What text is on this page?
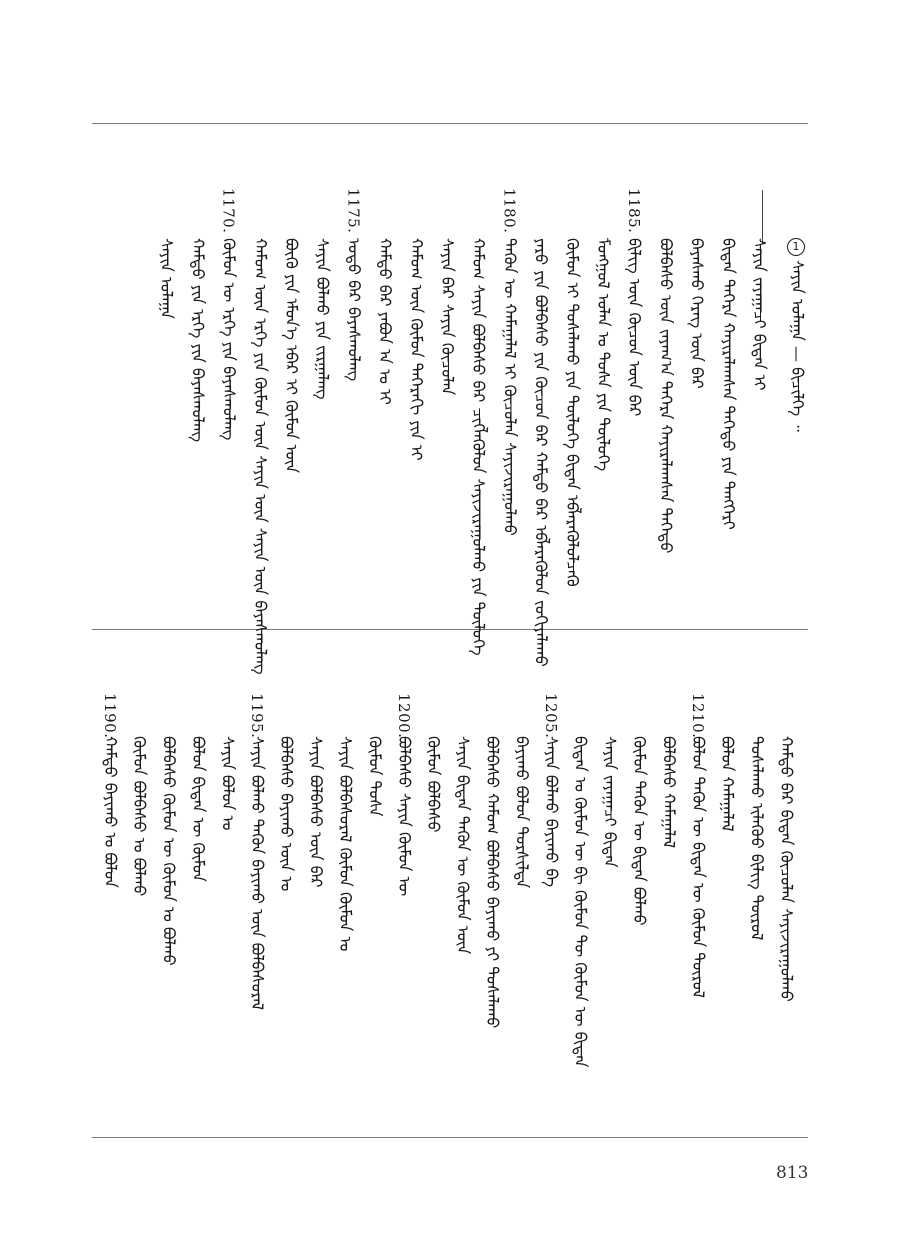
ᠰᠠᠶᠢᠨ ᠵᠠᠶᠠᠭᠠᠴᠢ ᠪᠢᠳᠡᠨ ᠢ
ᠪᠢᠳᠡᠨ ᠳᠡᠭᠡᠷᠡ ᠬᠠᠶᠢᠷᠠᠯᠠᠭᠰᠠᠨ ᠳᠡᠭᠡᠳᠦ ᠶᠢᠨ ᠲᠡᠩᠭᠡᠷᠢ
ᠪᠠᠶᠠᠰᠬᠤ ᠬᠡᠷᠡᠭ ᠦᠨ ᠪᠠᠷ
ᠪᠣᠯᠪᠠᠰᠤ ᠦᠨ ᠵᠠᠶᠠᠭ᠎ᠠ ᠳᠡᠭᠡᠷᠡ ᠬᠠᠶᠢᠷᠠᠯᠠᠭᠰᠠᠨ ᠳᠡᠭᠡᠳᠦ
1185.
ᠪᠢᠯᠢᠭ ᠦᠨ ᠬᠦᠴᠦᠨ ᠦᠨ ᠪᠠᠷ
ᠮᠣᠩᠭᠣᠯ ᠣᠯᠠᠨ ᠤ ᠲᠤᠰᠠ ᠶᠢᠨ ᠲᠥᠯᠥᠭᠡ
ᠬᠦᠮᠦᠨ ᠢ ᠲᠤᠰᠠᠯᠠᠬᠤ ᠶᠢᠨ ᠲᠥᠯᠥᠭᠡ ᠪᠢᠳᠡᠨ ᠡᠪᠯᠡᠷᠡᠭᠦᠯᠦᠯᠴᠡᠬᠦ
ᠶᠡᠷᠦ ᠶᠢᠨ ᠪᠣᠯᠪᠠᠰᠤ ᠶᠢᠨ ᠬᠦᠴᠦᠨ ᠪᠠᠷ ᠬᠠᠮᠲᠤ ᠪᠠᠷ ᠡᠪᠯᠡᠷᠡᠭᠦᠯᠦᠨ ᠵᠣᠬᠢᠶᠠᠯᠠᠬᠤ
1180.
ᠲᠡᠭᠦᠨ ᠦ ᠬᠠᠮᠠᠭᠠᠯᠠᠯ ᠢ ᠬᠦᠴᠦᠯᠡᠨ ᠰᠠᠶᠢᠵᠢᠷᠠᠭᠤᠯᠬᠤ
ᠬᠠᠮᠤᠭ ᠰᠠᠶᠢᠨ ᠪᠣᠯᠪᠠᠰᠤ ᠪᠡᠷ ᠴᠢᠭᠯᠡᠭᠦᠯᠦᠨ ᠰᠠᠶᠢᠵᠢᠷᠠᠭᠤᠯᠬᠤ ᠶᠢᠨ ᠲᠥᠯᠥᠭᠡ
ᠰᠠᠶᠢᠨ ᠪᠡᠷ ᠰᠠᠶᠢᠨ ᠬᠦᠴᠦᠯᠡᠨ
ᠬᠠᠮᠤᠭ ᠦᠨ ᠬᠦᠮᠦᠨ ᠳᠡᠭᠡᠷᠡᠬᠢ ᠶᠢᠨ ᠢ
ᠬᠠᠮᠲᠤ ᠪᠠᠷ ᠶᠠᠪᠤᠨ ᠠ ᠤ ᠢ
1175.
ᠣᠳᠣ ᠪᠠᠷ ᠪᠠᠶᠠᠰᠬᠤᠯᠠᠩ
ᠰᠠᠶᠢᠨ ᠪᠣᠯᠬᠤ ᠶᠢᠨ ᠵᠢᠷᠭᠠᠯᠠᠩ
ᠪᠦᠬᠦ ᠶᠢᠨ ᠡᠮᠦᠨ᠎ᠡ ᠡᠪᠡᠷ ᠢ ᠬᠦᠮᠦᠨ ᠦᠨ
ᠬᠠᠮᠤᠭ ᠦᠨ ᠡᠷᠬᠡ ᠶᠢᠨ ᠬᠦᠮᠦᠨ ᠦᠨ ᠰᠠᠶᠢᠨ ᠦᠨ ᠰᠠᠶᠢᠨ ᠦᠨ ᠪᠠᠶᠠᠰᠬᠤᠯᠠᠩ
1170.
ᠬᠦᠮᠦᠨ ᠦ ᠡᠷᠬᠡ ᠶᠢᠨ ᠪᠠᠶᠠᠰᠬᠤᠯᠠᠩ
ᠬᠠᠮᠲᠤ ᠶᠢᠨ ᠡᠷᠬᠡ ᠶᠢᠨ ᠪᠠᠶᠠᠰᠬᠤᠯᠠᠩ
ᠰᠠᠶᠢᠨ ᠤᠯᠠᠭᠠ
ᠬᠠᠮᠲᠤ ᠪᠠᠷ ᠪᠢᠳᠡᠨ ᠬᠦᠴᠦᠯᠡᠨ ᠰᠠᠶᠢᠵᠢᠷᠠᠭᠤᠯᠬᠤ
ᠲᠤᠰᠠᠯᠠᠬᠤ ᠢᠯᠡᠭᠦᠦ ᠪᠢᠯᠢᠭ ᠲᠦᠷᠦᠯ
ᠪᠣᠯᠤᠨ ᠬᠠᠮᠠᠭᠠᠯᠠᠯ
1210.
ᠪᠣᠯᠤᠨ ᠲᠡᠭᠦᠨ ᠦ ᠪᠢᠳᠡᠨ ᠦ ᠬᠦᠮᠦᠨ ᠲᠦᠷᠦᠯ
ᠪᠣᠯᠪᠠᠰᠤ ᠬᠠᠮᠠᠭᠠᠯᠠᠯ
ᠬᠦᠮᠦᠨ ᠲᠡᠭᠦᠨ ᠦ ᠪᠢᠳᠡᠨ ᠪᠣᠯᠬᠤ
ᠰᠠᠶᠢᠨ ᠵᠠᠶᠠᠭᠠᠴᠢ ᠪᠢᠳᠡᠨ
ᠪᠢᠳᠡᠨ ᠤ ᠬᠦᠮᠦᠨ ᠦ ᠪᠢ ᠬᠦᠮᠦᠨ ᠲᠦ ᠬᠦᠮᠦᠨ ᠦ ᠪᠢᠳᠡᠨ
1205.
ᠰᠠᠶᠢᠨ ᠪᠣᠯᠬᠤ ᠪᠠᠶᠢᠬᠤ ᠪᠠ
ᠪᠠᠶᠢᠬᠤ ᠪᠣᠯᠤᠨ ᠲᠤᠷᠰᠢᠯᠲᠠ
ᠪᠣᠯᠪᠠᠰᠤ ᠬᠠᠮᠤᠭ ᠪᠣᠯᠪᠠᠰᠤ ᠪᠠᠶᠢᠬᠤ ᠶᠢ ᠲᠤᠰᠠᠯᠠᠬᠤ
ᠰᠠᠶᠢᠨ ᠪᠢᠳᠡᠨ ᠲᠡᠭᠦᠨ ᠦ ᠬᠦᠮᠦᠨ ᠦᠨ
ᠬᠦᠮᠦᠨ ᠪᠣᠯᠪᠠᠰᠤ
1200.
ᠪᠣᠯᠪᠠᠰᠤ ᠰᠠᠶᠢᠨ ᠬᠦᠮᠦᠨ ᠦ
ᠬᠦᠮᠦᠨ ᠲᠤᠰᠠ
ᠰᠠᠶᠢᠨ ᠪᠣᠯᠪᠠᠰᠤᠷᠠᠯ ᠬᠦᠮᠦᠨ ᠬᠦᠮᠦᠨ ᠤ
ᠰᠠᠶᠢᠨ ᠪᠣᠯᠪᠠᠰᠤ ᠦᠨ ᠪᠡᠷ
ᠪᠣᠯᠪᠠᠰᠤ ᠪᠠᠶᠢᠬᠤ ᠦᠨ ᠤ
1195.
ᠰᠠᠶᠢᠨ ᠪᠣᠯᠬᠤ ᠲᠡᠭᠦᠨ ᠪᠠᠶᠢᠬᠤ ᠦᠨ ᠪᠣᠯᠪᠠᠰᠤᠷᠠᠯ
ᠰᠠᠶᠢᠨ ᠪᠣᠯᠤᠨ ᠤ
ᠪᠣᠯᠤᠨ ᠪᠢᠳᠡᠨ ᠦ ᠬᠦᠮᠦᠨ
ᠪᠣᠯᠪᠠᠰᠤ ᠬᠦᠮᠦᠨ ᠦ ᠬᠦᠮᠦᠨ ᠤ ᠪᠣᠯᠬᠤ
ᠬᠦᠮᠦᠨ ᠪᠣᠯᠪᠠᠰᠤ ᠤ ᠪᠣᠯᠬᠤ
1190.
ᠬᠠᠮᠲᠤ ᠪᠠᠶᠢᠬᠤ ᠤ ᠪᠣᠯᠤᠨ
1
ᠰᠠᠶᠢᠨ ᠤᠯᠠᠭᠠ — ᠪᠢᠴᠢᠯᠭᠡ ᠃
813
